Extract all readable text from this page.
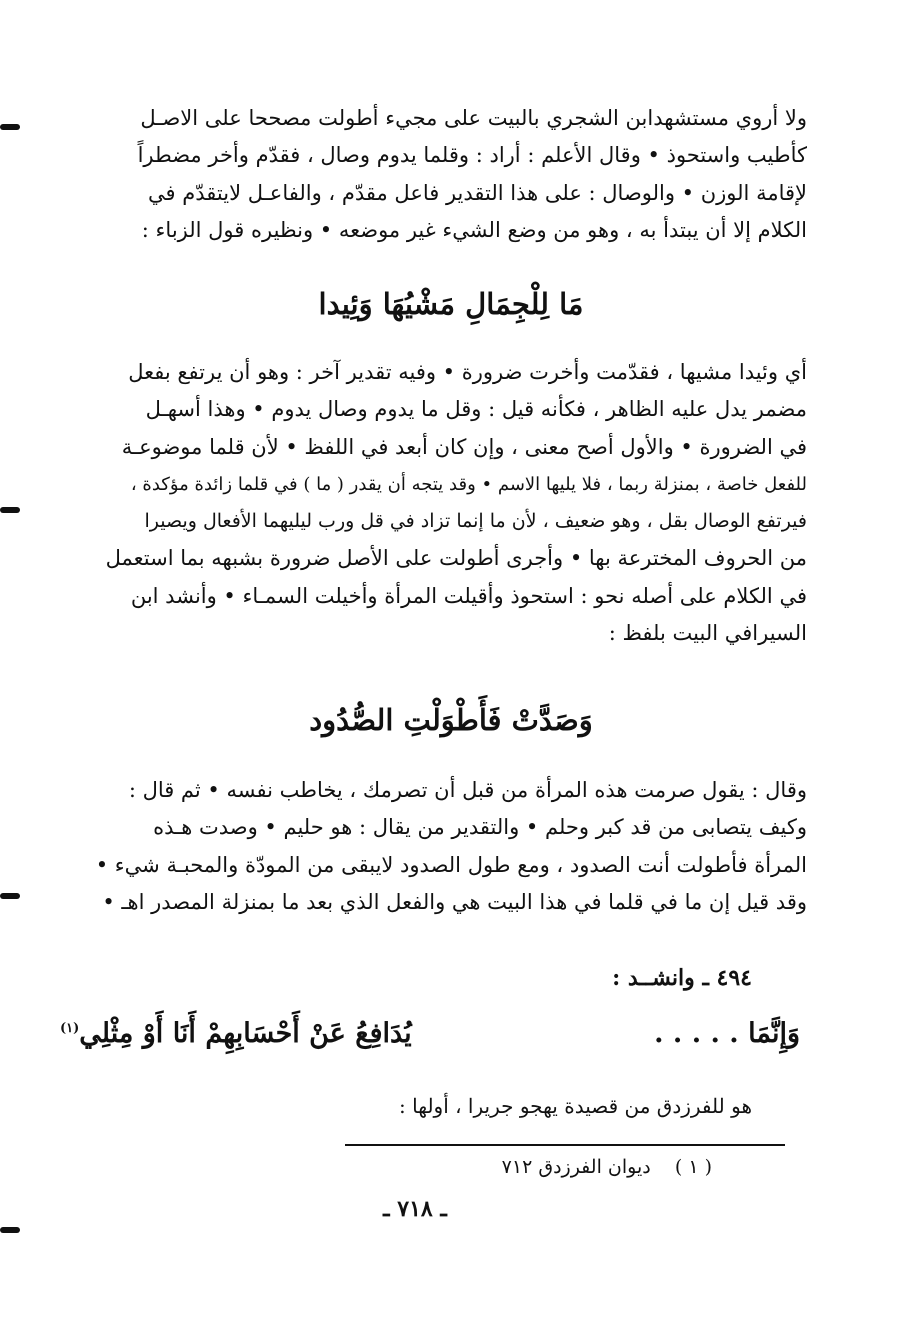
ولا أروي مستشهدابن الشجري بالبيت على مجيء أطولت مصححا على الاصـل
كأطيب واستحوذ • وقال الأعلم : أراد : وقلما يدوم وصال ، فقدّم وأخر مضطراً
لإقامة الوزن • والوصال : على هذا التقدير فاعل مقدّم ، والفاعـل لايتقدّم في
الكلام إلا أن يبتدأ به ، وهو من وضع الشيء غير موضعه • ونظيره قول الزباء :
مَا لِلْجِمَالِ مَشْيُهَا وَئِيدا
أي وئيدا مشيها ، فقدّمت وأخرت ضرورة • وفيه تقدير آخر : وهو أن يرتفع بفعل
مضمر يدل عليه الظاهر ، فكأنه قيل : وقل ما يدوم وصال يدوم • وهذا أسهـل
في الضرورة • والأول أصح معنى ، وإن كان أبعد في اللفظ • لأن قلما موضوعـة
للفعل خاصة ، بمنزلة ربما ، فلا يليها الاسم • وقد يتجه أن يقدر ( ما ) في قلما زائدة مؤكدة ،
فيرتفع الوصال بقل ، وهو ضعيف ، لأن ما إنما تزاد في قل ورب ليليهما الأفعال ويصيرا
من الحروف المخترعة بها • وأجرى أطولت على الأصل ضرورة بشبهه بما استعمل
في الكلام على أصله نحو : استحوذ وأقيلت المرأة وأخيلت السمـاء • وأنشد ابن
السيرافي البيت بلفظ :
وَصَدَّتْ فَأَطْوَلْتِ الصُّدُود
وقال : يقول صرمت هذه المرأة من قبل أن تصرمك ، يخاطب نفسه • ثم قال :
وكيف يتصابى من قد كبر وحلم • والتقدير من يقال : هو حليم • وصدت هـذه
المرأة فأطولت أنت الصدود ، ومع طول الصدود لايبقى من المودّة والمحبـة شيء •
وقد قيل إن ما في قلما في هذا البيت هي والفعل الذي بعد ما بمنزلة المصدر اهـ •
٤٩٤ ـ وانشــد :
وَإِنَّمَا . . . . .
يُدَافِعُ عَنْ أَحْسَابِهِمْ أَنَا أَوْ مِثْلِي$^{(١)}$
هو للفرزدق من قصيدة يهجو جريرا ، أولها :
( ١ )    ديوان الفرزدق ٧١٢
ـ ٧١٨ ـ
